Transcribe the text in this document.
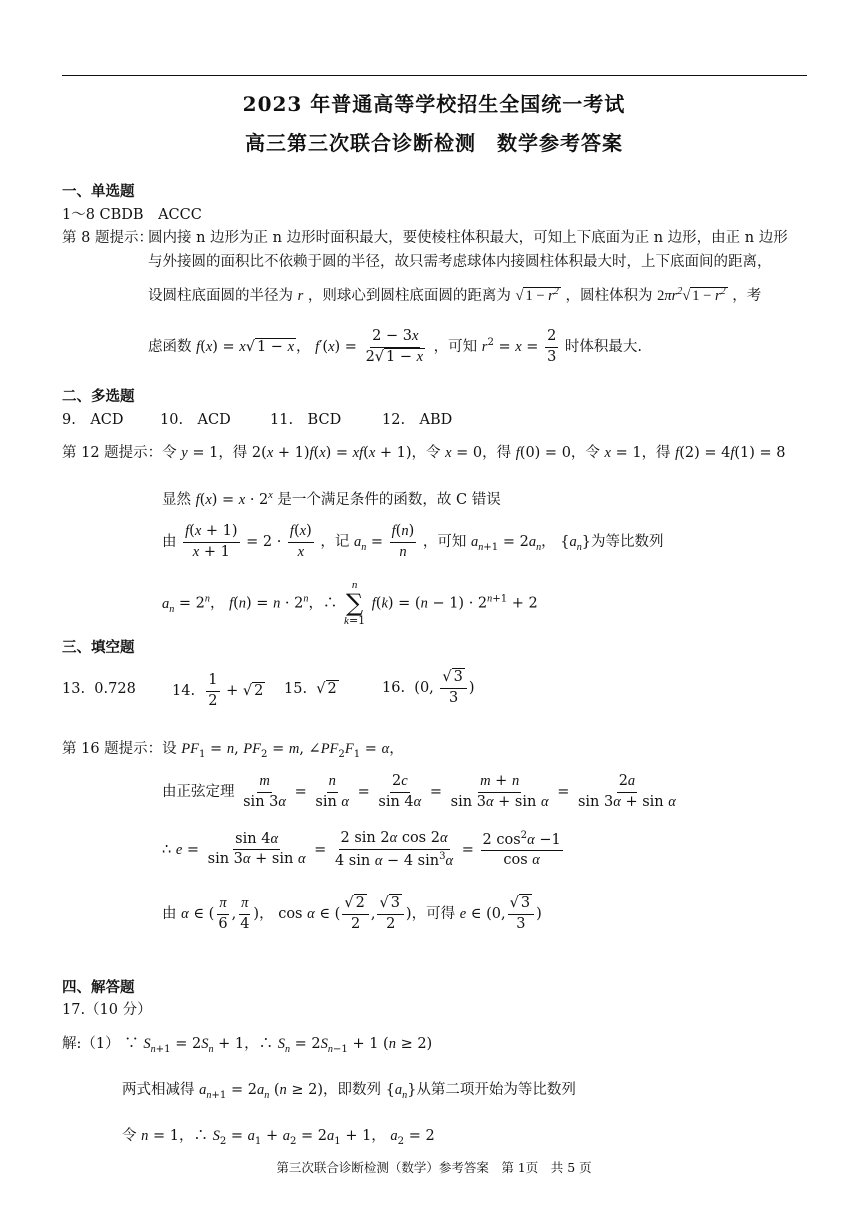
2023 年普通高等学校招生全国统一考试
高三第三次联合诊断检测　数学参考答案
一、单选题
1～8 CBDB　ACCC
第 8 题提示：
圆内接 n 边形为正 n 边形时面积最大，要使棱柱体积最大，可知上下底面为正 n 边形，由正 n 边形
与外接圆的面积比不依赖于圆的半径，故只需考虑球体内接圆柱体积最大时，上下底面间的距离，
设圆柱底面圆的半径为 r ，则球心到圆柱底面圆的距离为 √ $1 - r^2$ ，圆柱体积为 $2\pi r^2√$ $1 - r^2$ ，考
虑函数 f(x) = x√ 1 − x ， $f'(x) = \frac{2 - 3x}{2√ 1 - x}$ ，可知 $r^2 = x = \frac{2}{3}$ 时体积最大.
二、多选题
9.　ACD	10.　ACD	11.　BCD	12.　ABD
第 12 题提示：令 y = 1，得 2(x + 1)f(x) = xf(x + 1)，令 x = 0，得 f(0) = 0，令 x = 1，得 f(2) = 4f(1) = 8
显然 $f(x) = x \cdot 2^x$ 是一个满足条件的函数，故 C 错误
由 $\frac{f(x + 1)}{x + 1} = 2 \cdot \frac{f(x)}{x}$ ，记 $a_n = \frac{f(n)}{n}$ ，可知 $a_{n+1} = 2a_n$， $\{a_n\}$为等比数列
$a_n = 2^n$， $f(n) = n \cdot 2^n$，∴
n
∑
k=1
$f(k) = (n - 1) \cdot 2^{n+1} + 2$
三、填空题
13. 0.728 14. $\frac{1}{2}$ + √ 2 15.  √ 2	16.  (0, $\frac{√ 3}{3}$ )
第 16 题提示：设 $PF_1 = n$, $PF_2 = m$, $\angle PF_2F_1 = \alpha$，
由正弦定理 $\frac{m}{\sin 3\alpha} = \frac{n}{\text{sin α}} = \frac{2c}{\sin 4\alpha} = \frac{m + n}{\text{sin 3α + sin α}} = \frac{2a}{\text{sin 3α + sin α}}$
∴ $e = \frac{\sin 4\alpha}{\text{sin 3α + sin α}} = \frac{\text{2 sin 2α cos 2α}}{4 \sin \alpha - 4 \sin^3\alpha} = \frac{2 \cos^2\alpha -1}{\text{cos α}}$
由 α ∈ ( $\frac{\pi}{6}$ , $\frac{\pi}{4}$ )， cos α ∈ ( $\frac{√ 2}{2}$ , $\frac{√ 3}{2}$ )，可得 e ∈ (0, $\frac{√ 3}{3}$ )
四、解答题
17.（10 分）
解:（1） ∵ $S_{n+1} = 2S_n + 1$，∴ $S_n = 2S_{n-1} + 1$ (n ≥ 2)
两式相减得 $a_{n+1} = 2a_n$ (n ≥ 2)，即数列 $\{a_n\}$从第二项开始为等比数列
令 n = 1，∴ $S_2 = a_1 + a_2 = 2a_1 + 1$， $a_2 = 2$
第三次联合诊断检测（数学）参考答案　第 1页　共 5 页
